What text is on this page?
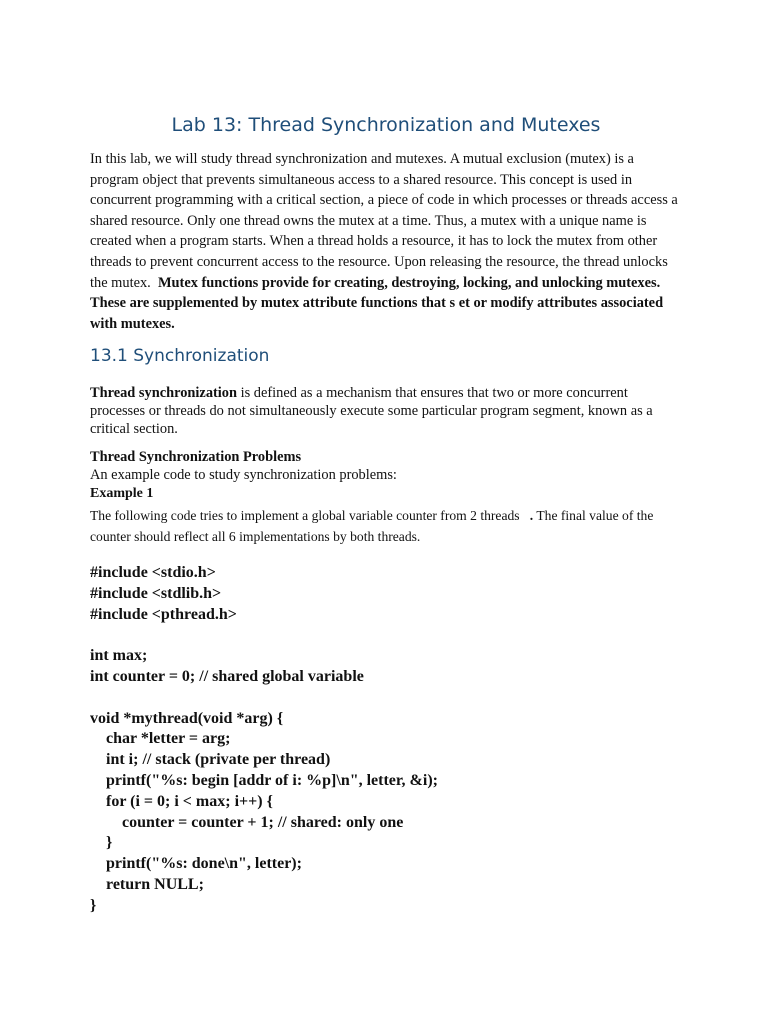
Lab 13: Thread Synchronization and Mutexes

In this lab, we will study thread synchronization and mutexes. A mutual exclusion (mutex) is a program object that prevents simultaneous access to a shared resource. This concept is used in concurrent programming with a critical section, a piece of code in which processes or threads access a shared resource. Only one thread owns the mutex at a time. Thus, a mutex with a unique name is created when a program starts. When a thread holds a resource, it has to lock the mutex from other threads to prevent concurrent access to the resource. Upon releasing the resource, the thread unlocks the mutex. Mutex functions provide for creating, destroying, locking, and unlocking mutexes. These are supplemented by mutex attribute functions that s et or modify attributes associated with mutexes.

13.1 Synchronization

Thread synchronization is defined as a mechanism that ensures that two or more concurrent processes or threads do not simultaneously execute some particular program segment, known as a critical section.

Thread Synchronization Problems

An example code to study synchronization problems:

Example 1

The following code tries to implement a global variable counter from 2 threads . The final value of the counter should reflect all 6 implementations by both threads.

#include <stdio.h>
#include <stdlib.h>
#include <pthread.h>
int max;
int counter = 0; // shared global variable
void *mythread(void *arg) {
char *letter = arg;
int i; // stack (private per thread)
printf("%s: begin [addr of i: %p]\n", letter, &i);
for (i = 0; i < max; i++) {
counter = counter + 1; // shared: only one
}
printf("%s: done\n", letter);
return NULL;
}
